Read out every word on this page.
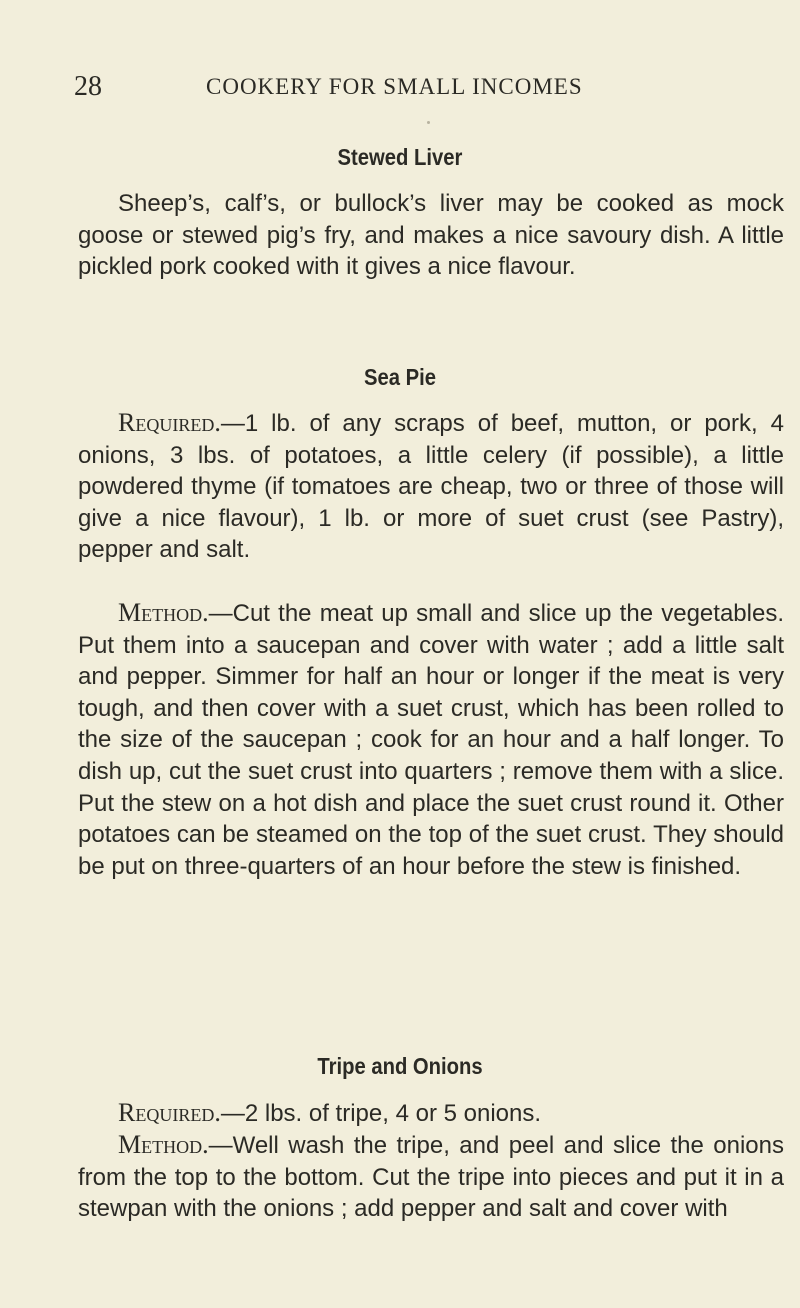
28	COOKERY FOR SMALL INCOMES
Stewed Liver

Sheep’s, calf’s, or bullock’s liver may be cooked as mock goose or stewed pig’s fry, and makes a nice savoury dish. A little pickled pork cooked with it gives a nice flavour.

Sea Pie

Required.—1 lb. of any scraps of beef, mutton, or pork, 4 onions, 3 lbs. of potatoes, a little celery (if possible), a little powdered thyme (if tomatoes are cheap, two or three of those will give a nice flavour), 1 lb. or more of suet crust (see Pastry), pepper and salt.

Method.—Cut the meat up small and slice up the vegetables. Put them into a saucepan and cover with water ; add a little salt and pepper. Simmer for half an hour or longer if the meat is very tough, and then cover with a suet crust, which has been rolled to the size of the saucepan ; cook for an hour and a half longer. To dish up, cut the suet crust into quarters ; remove them with a slice. Put the stew on a hot dish and place the suet crust round it. Other potatoes can be steamed on the top of the suet crust. They should be put on three-quarters of an hour before the stew is finished.

Tripe and Onions

Required.—2 lbs. of tripe, 4 or 5 onions.

Method.—Well wash the tripe, and peel and slice the onions from the top to the bottom. Cut the tripe into pieces and put it in a stewpan with the onions ; add pepper and salt and cover with
